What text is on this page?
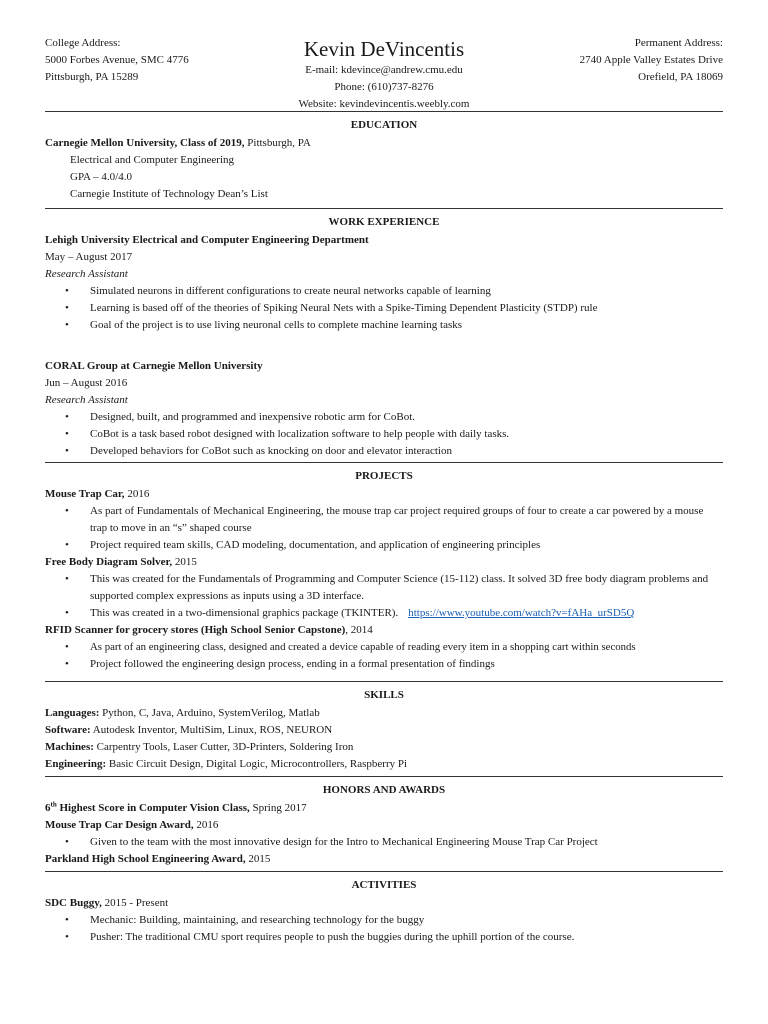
College Address:
5000 Forbes Avenue, SMC 4776
Pittsburgh, PA 15289
Kevin DeVincentis
E-mail: kdevince@andrew.cmu.edu
Phone: (610)737-8276
Website: kevindevincentis.weebly.com
Permanent Address:
2740 Apple Valley Estates Drive
Orefield, PA 18069
EDUCATION
Carnegie Mellon University, Class of 2019, Pittsburgh, PA
Electrical and Computer Engineering
GPA – 4.0/4.0
Carnegie Institute of Technology Dean’s List
WORK EXPERIENCE
Lehigh University Electrical and Computer Engineering Department
May – August 2017
Research Assistant
• Simulated neurons in different configurations to create neural networks capable of learning
• Learning is based off of the theories of Spiking Neural Nets with a Spike-Timing Dependent Plasticity (STDP) rule
• Goal of the project is to use living neuronal cells to complete machine learning tasks
CORAL Group at Carnegie Mellon University
Jun – August 2016
Research Assistant
• Designed, built, and programmed and inexpensive robotic arm for CoBot.
• CoBot is a task based robot designed with localization software to help people with daily tasks.
• Developed behaviors for CoBot such as knocking on door and elevator interaction
PROJECTS
Mouse Trap Car, 2016
• As part of Fundamentals of Mechanical Engineering, the mouse trap car project required groups of four to create a car powered by a mouse trap to move in an “s” shaped course
• Project required team skills, CAD modeling, documentation, and application of engineering principles
Free Body Diagram Solver, 2015
• This was created for the Fundamentals of Programming and Computer Science (15-112) class. It solved 3D free body diagram problems and supported complex expressions as inputs using a 3D interface.
• This was created in a two-dimensional graphics package (TKINTER). https://www.youtube.com/watch?v=fAHa_urSD5Q
RFID Scanner for grocery stores (High School Senior Capstone), 2014
• As part of an engineering class, designed and created a device capable of reading every item in a shopping cart within seconds
• Project followed the engineering design process, ending in a formal presentation of findings
SKILLS
Languages: Python, C, Java, Arduino, SystemVerilog, Matlab
Software: Autodesk Inventor, MultiSim, Linux, ROS, NEURON
Machines: Carpentry Tools, Laser Cutter, 3D-Printers, Soldering Iron
Engineering: Basic Circuit Design, Digital Logic, Microcontrollers, Raspberry Pi
HONORS AND AWARDS
6th Highest Score in Computer Vision Class, Spring 2017
Mouse Trap Car Design Award, 2016
• Given to the team with the most innovative design for the Intro to Mechanical Engineering Mouse Trap Car Project
Parkland High School Engineering Award, 2015
ACTIVITIES
SDC Buggy, 2015 - Present
• Mechanic: Building, maintaining, and researching technology for the buggy
• Pusher: The traditional CMU sport requires people to push the buggies during the uphill portion of the course.
